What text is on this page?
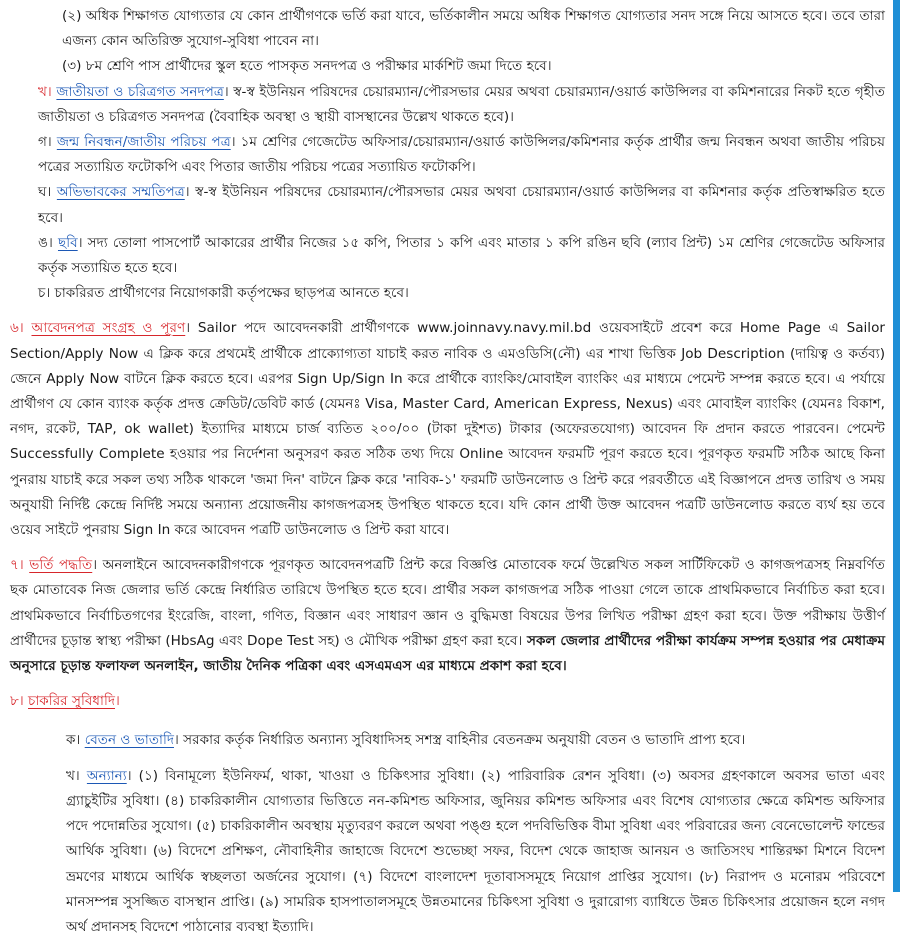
(২) অধিক শিক্ষাগত যোগ্যতার যে কোন প্রার্থীগণকে ভর্তি করা যাবে, ভর্তিকালীন সময়ে অধিক শিক্ষাগত যোগ্যতার সনদ সঙ্গে নিয়ে আসতে হবে। তবে তারা এজন্য কোন অতিরিক্ত সুযোগ-সুবিধা পাবেন না।

(৩) ৮ম শ্রেণি পাস প্রার্থীদের স্কুল হতে পাসকৃত সনদপত্র ও পরীক্ষার মার্কশিট জমা দিতে হবে।

খ। জাতীয়তা ও চরিত্রগত সনদপত্র। স্ব-স্ব ইউনিয়ন পরিষদের চেয়ারম্যান/পৌরসভার মেয়র অথবা চেয়ারম্যান/ওয়ার্ড কাউন্সিলর বা কমিশনারের নিকট হতে গৃহীত জাতীয়তা ও চরিত্রগত সনদপত্র (বৈবাহিক অবস্থা ও স্থায়ী বাসস্থানের উল্লেখ থাকতে হবে)।

গ। জন্ম নিবন্ধন/জাতীয় পরিচয় পত্র। ১ম শ্রেণির গেজেটেড অফিসার/চেয়ারম্যান/ওয়ার্ড কাউন্সিলর/কমিশনার কর্তৃক প্রার্থীর জন্ম নিবন্ধন অথবা জাতীয় পরিচয় পত্রের সত্যায়িত ফটোকপি এবং পিতার জাতীয় পরিচয় পত্রের সত্যায়িত ফটোকপি।

ঘ। অভিভাবকের সম্মতিপত্র। স্ব-স্ব ইউনিয়ন পরিষদের চেয়ারম্যান/পৌরসভার মেয়র অথবা চেয়ারম্যান/ওয়ার্ড কাউন্সিলর বা কমিশনার কর্তৃক প্রতিস্বাক্ষরিত হতে হবে।

ঙ। ছবি। সদ্য তোলা পাসপোর্ট আকারের প্রার্থীর নিজের ১৫ কপি, পিতার ১ কপি এবং মাতার ১ কপি রঙিন ছবি (ল্যাব প্রিন্ট) ১ম শ্রেণির গেজেটেড অফিসার কর্তৃক সত্যায়িত হতে হবে।

চ। চাকরিরত প্রার্থীগণের নিয়োগকারী কর্তৃপক্ষের ছাড়পত্র আনতে হবে।

৬। আবেদনপত্র সংগ্রহ ও পূরণ। Sailor পদে আবেদনকারী প্রার্থীগণকে www.joinnavy.navy.mil.bd ওয়েবসাইটে প্রবেশ করে Home Page এ Sailor Section/Apply Now এ ক্লিক করে প্রথমেই প্রার্থীকে প্রাক্যোগ্যতা যাচাই করত নাবিক ও এমওডিসি(নৌ) এর শাখা ভিত্তিক Job Description (দায়িত্ব ও কর্তব্য) জেনে Apply Now বাটনে ক্লিক করতে হবে। এরপর Sign Up/Sign In করে প্রার্থীকে ব্যাংকিং/মোবাইল ব্যাংকিং এর মাধ্যমে পেমেন্ট সম্পন্ন করতে হবে। এ পর্যায়ে প্রার্থীগণ যে কোন ব্যাংক কর্তৃক প্রদত্ত ক্রেডিট/ডেবিট কার্ড (যেমনঃ Visa, Master Card, American Express, Nexus) এবং মোবাইল ব্যাংকিং (যেমনঃ বিকাশ, নগদ, রকেট, TAP, ok wallet) ইত্যাদির মাধ্যমে চার্জ ব্যতিত ২০০/০০ (টাকা দুইশত) টাকার (অফেরতযোগ্য) আবেদন ফি প্রদান করতে পারবেন। পেমেন্ট Successfully Complete হওয়ার পর নির্দেশনা অনুসরণ করত সঠিক তথ্য দিয়ে Online আবেদন ফরমটি পূরণ করতে হবে। পূরণকৃত ফরমটি সঠিক আছে কিনা পুনরায় যাচাই করে সকল তথ্য সঠিক থাকলে 'জমা দিন' বাটনে ক্লিক করে 'নাবিক-১' ফরমটি ডাউনলোড ও প্রিন্ট করে পরবর্তীতে এই বিজ্ঞাপনে প্রদত্ত তারিখ ও সময় অনুযায়ী নির্দিষ্ট কেন্দ্রে নির্দিষ্ট সময়ে অন্যান্য প্রয়োজনীয় কাগজপত্রসহ উপস্থিত থাকতে হবে। যদি কোন প্রার্থী উক্ত আবেদন পত্রটি ডাউনলোড করতে ব্যর্থ হয় তবে ওয়েব সাইটে পুনরায় Sign In করে আবেদন পত্রটি ডাউনলোড ও প্রিন্ট করা যাবে।

৭। ভর্তি পদ্ধতি। অনলাইনে আবেদনকারীগণকে পূরণকৃত আবেদনপত্রটি প্রিন্ট করে বিজ্ঞপ্তি মোতাবেক ফর্মে উল্লেখিত সকল সার্টিফিকেট ও কাগজপত্রসহ নিম্নবর্ণিত ছক মোতাবেক নিজ জেলার ভর্তি কেন্দ্রে নির্ধারিত তারিখে উপস্থিত হতে হবে। প্রার্থীর সকল কাগজপত্র সঠিক পাওয়া গেলে তাকে প্রাথমিকভাবে নির্বাচিত করা হবে। প্রাথমিকভাবে নির্বাচিতগণের ইংরেজি, বাংলা, গণিত, বিজ্ঞান এবং সাধারণ জ্ঞান ও বুদ্ধিমত্তা বিষয়ের উপর লিখিত পরীক্ষা গ্রহণ করা হবে। উক্ত পরীক্ষায় উত্তীর্ণ প্রার্থীদের চূড়ান্ত স্বাস্থ্য পরীক্ষা (HbsAg এবং Dope Test সহ) ও মৌখিক পরীক্ষা গ্রহণ করা হবে। সকল জেলার প্রার্থীদের পরীক্ষা কার্যক্রম সম্পন্ন হওয়ার পর মেধাক্রম অনুসারে চূড়ান্ত ফলাফল অনলাইন, জাতীয় দৈনিক পত্রিকা এবং এসএমএস এর মাধ্যমে প্রকাশ করা হবে।

৮। চাকরির সুবিধাদি।

ক। বেতন ও ভাতাদি। সরকার কর্তৃক নির্ধারিত অন্যান্য সুবিধাদিসহ সশস্ত্র বাহিনীর বেতনক্রম অনুযায়ী বেতন ও ভাতাদি প্রাপ্য হবে।

খ। অন্যান্য। (১) বিনামূল্যে ইউনিফর্ম, থাকা, খাওয়া ও চিকিৎসার সুবিধা। (২) পারিবারিক রেশন সুবিধা। (৩) অবসর গ্রহণকালে অবসর ভাতা এবং গ্র্যাচুইটির সুবিধা। (৪) চাকরিকালীন যোগ্যতার ভিত্তিতে নন-কমিশন্ড অফিসার, জুনিয়র কমিশন্ড অফিসার এবং বিশেষ যোগ্যতার ক্ষেত্রে কমিশন্ড অফিসার পদে পদোন্নতির সুযোগ। (৫) চাকরিকালীন অবস্থায় মৃত্যুবরণ করলে অথবা পঙ্গু হলে পদবিভিত্তিক বীমা সুবিধা এবং পরিবারের জন্য বেনেভোলেন্ট ফান্ডের আর্থিক সুবিধা। (৬) বিদেশে প্রশিক্ষণ, নৌবাহিনীর জাহাজে বিদেশে শুভেচ্ছা সফর, বিদেশ থেকে জাহাজ আনয়ন ও জাতিসংঘ শান্তিরক্ষা মিশনে বিদেশ ভ্রমণের মাধ্যমে আর্থিক স্বচ্ছলতা অর্জনের সুযোগ। (৭) বিদেশে বাংলাদেশ দূতাবাসসমূহে নিয়োগ প্রাপ্তির সুযোগ। (৮) নিরাপদ ও মনোরম পরিবেশে মানসম্পন্ন সুসজ্জিত বাসস্থান প্রাপ্তি। (৯) সামরিক হাসপাতালসমূহে উন্নতমানের চিকিৎসা সুবিধা ও দুরারোগ্য ব্যাধিতে উন্নত চিকিৎসার প্রয়োজন হলে নগদ অর্থ প্রদানসহ বিদেশে পাঠানোর ব্যবস্থা ইত্যাদি।
